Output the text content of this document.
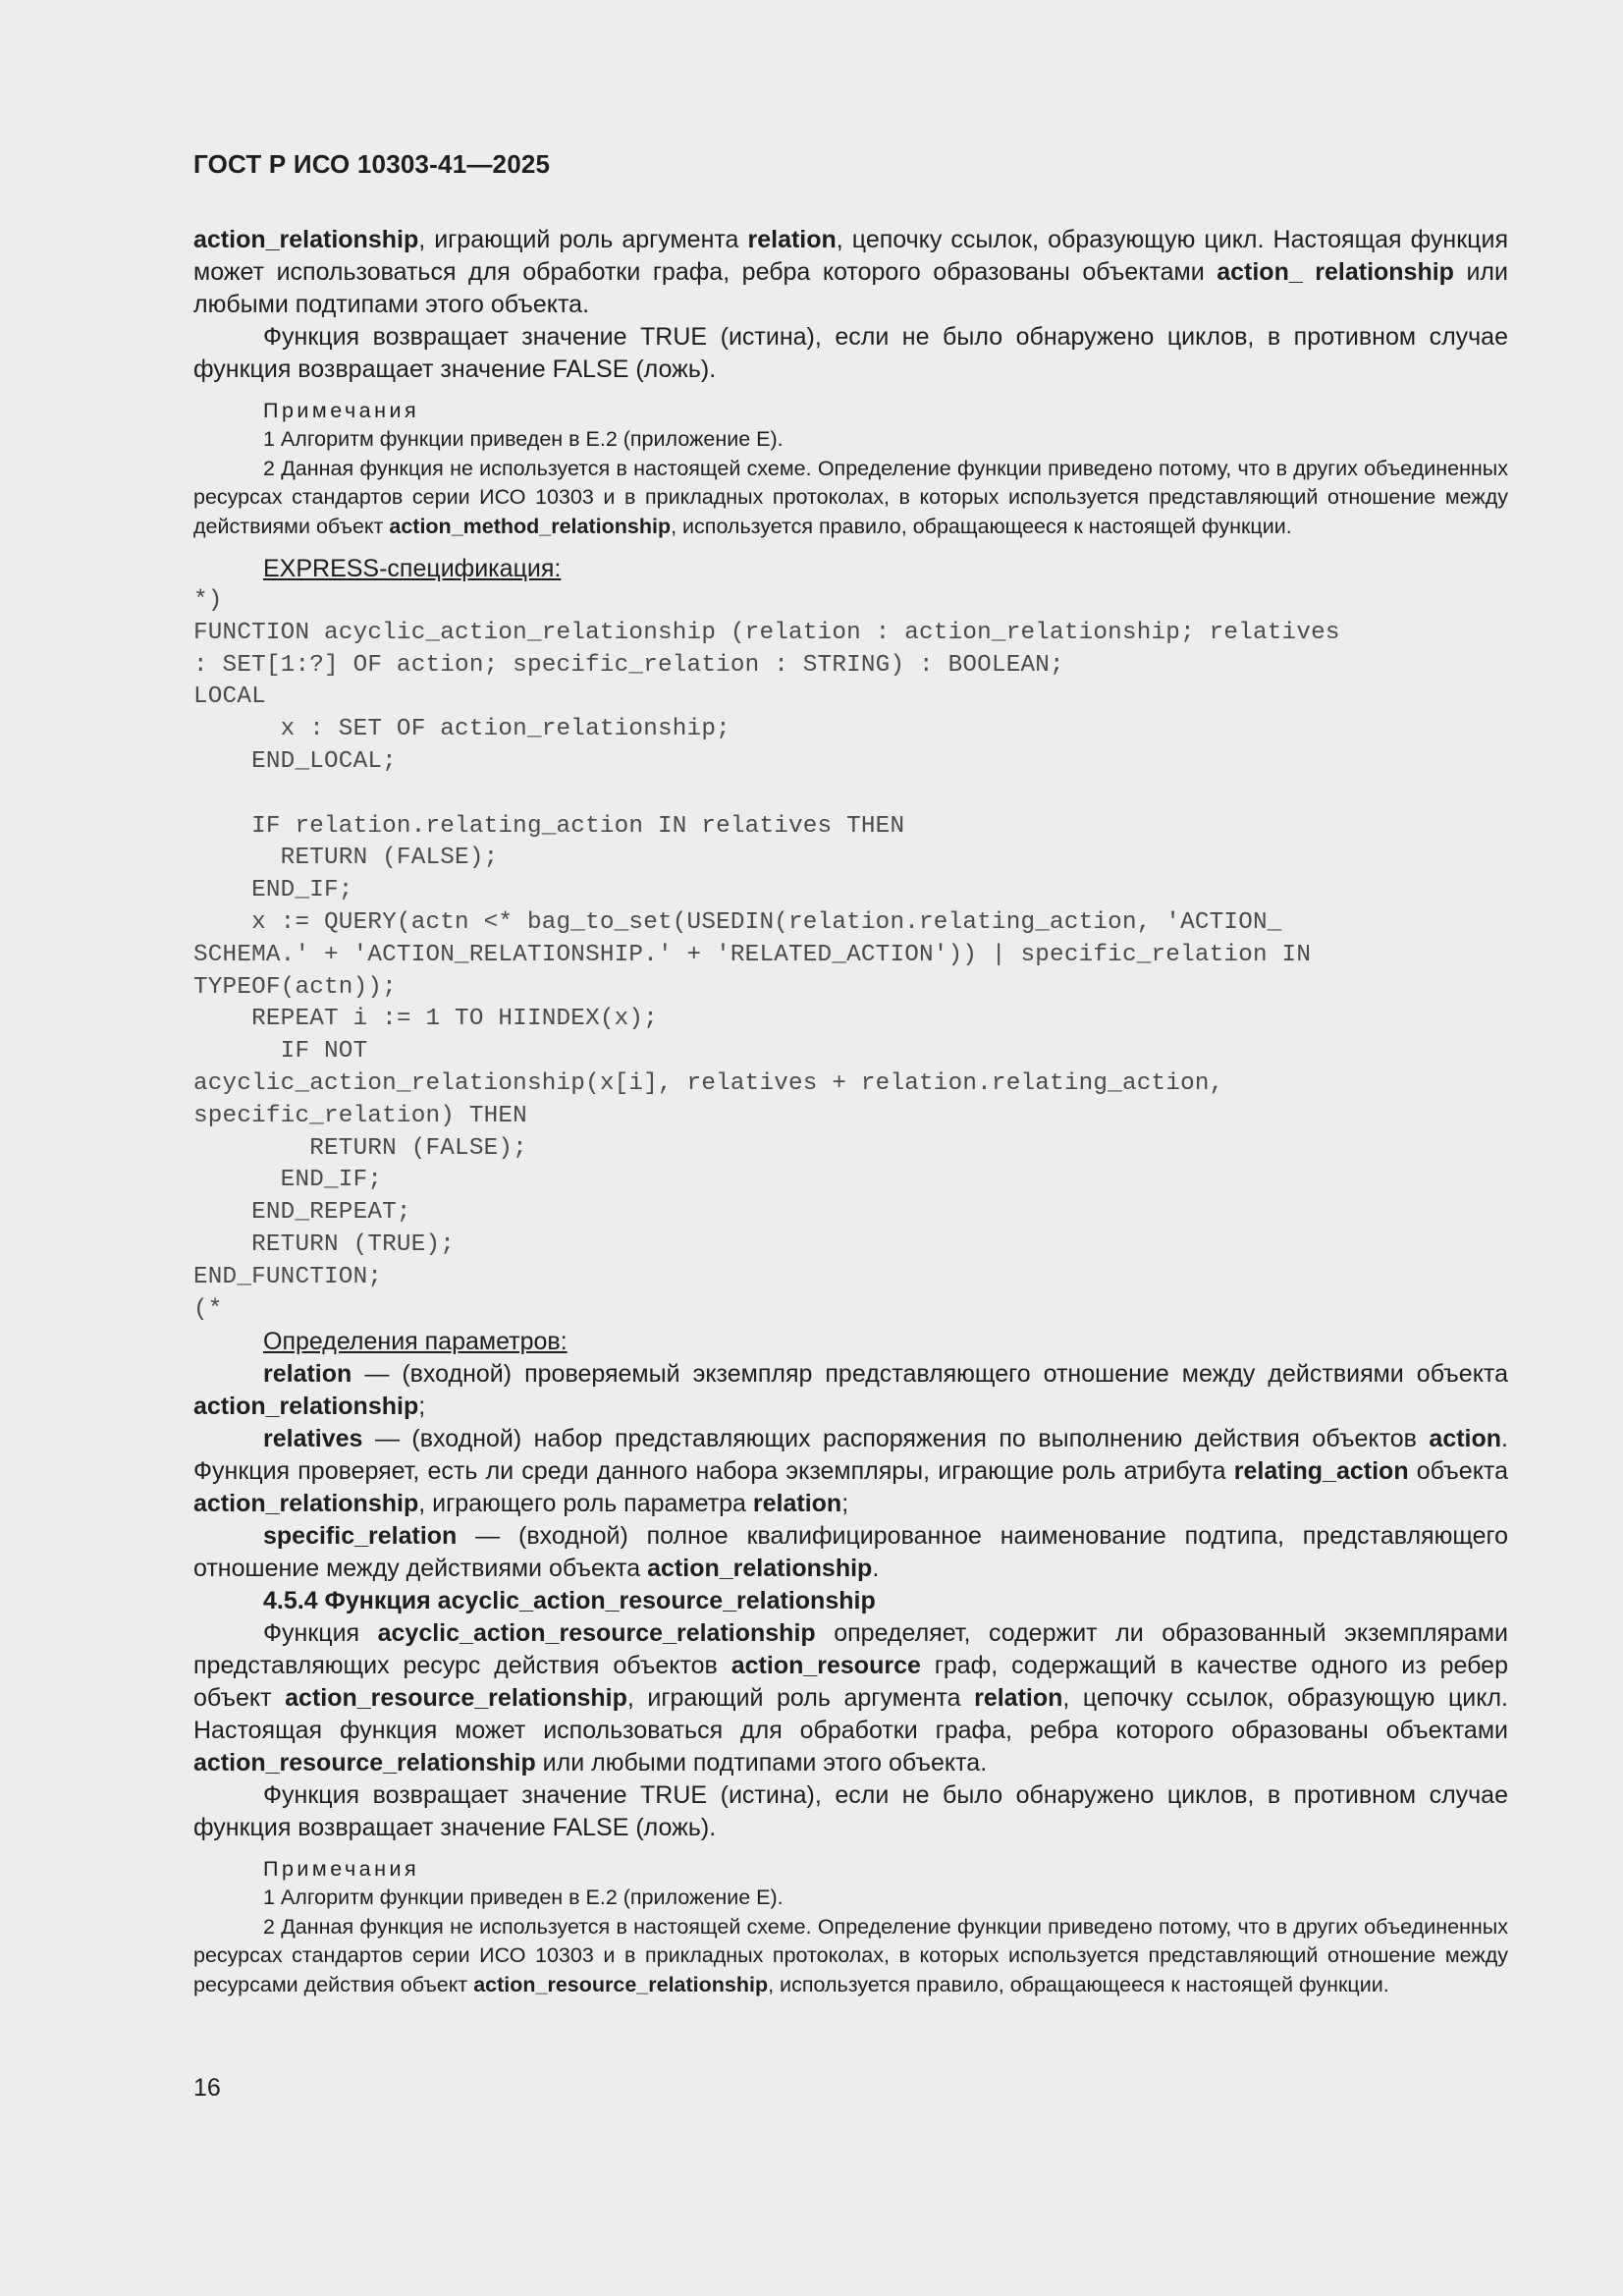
ГОСТ Р ИСО 10303-41—2025

action_relationship, играющий роль аргумента relation, цепочку ссылок, образующую цикл. Настоящая функция может использоваться для обработки графа, ребра которого образованы объектами action_ relationship или любыми подтипами этого объекта.

Функция возвращает значение TRUE (истина), если не было обнаружено циклов, в противном случае функция возвращает значение FALSE (ложь).

Примечания

1 Алгоритм функции приведен в Е.2 (приложение Е).

2 Данная функция не используется в настоящей схеме. Определение функции приведено потому, что в других объединенных ресурсах стандартов серии ИСО 10303 и в прикладных протоколах, в которых используется представляющий отношение между действиями объект action_method_relationship, используется правило, обращающееся к настоящей функции.

EXPRESS-спецификация:
*)
FUNCTION acyclic_action_relationship (relation : action_relationship; relatives
: SET[1:?] OF action; specific_relation : STRING) : BOOLEAN;
LOCAL
x : SET OF action_relationship;
END_LOCAL;

IF relation.relating_action IN relatives THEN
RETURN (FALSE);
END_IF;
x := QUERY(actn <* bag_to_set(USEDIN(relation.relating_action, 'ACTION_
SCHEMA.' + 'ACTION_RELATIONSHIP.' + 'RELATED_ACTION')) | specific_relation IN
TYPEOF(actn));
REPEAT i := 1 TO HIINDEX(x);
IF NOT
acyclic_action_relationship(x[i], relatives + relation.relating_action,
specific_relation) THEN
RETURN (FALSE);
END_IF;
END_REPEAT;
RETURN (TRUE);
END_FUNCTION;
(*
Определения параметров:

relation — (входной) проверяемый экземпляр представляющего отношение между действиями объекта action_relationship;

relatives — (входной) набор представляющих распоряжения по выполнению действия объектов action. Функция проверяет, есть ли среди данного набора экземпляры, играющие роль атрибута relating_action объекта action_relationship, играющего роль параметра relation;

specific_relation — (входной) полное квалифицированное наименование подтипа, представляющего отношение между действиями объекта action_relationship.

4.5.4 Функция acyclic_action_resource_relationship

Функция acyclic_action_resource_relationship определяет, содержит ли образованный экземплярами представляющих ресурс действия объектов action_resource граф, содержащий в качестве одного из ребер объект action_resource_relationship, играющий роль аргумента relation, цепочку ссылок, образующую цикл. Настоящая функция может использоваться для обработки графа, ребра которого образованы объектами action_resource_relationship или любыми подтипами этого объекта.

Функция возвращает значение TRUE (истина), если не было обнаружено циклов, в противном случае функция возвращает значение FALSE (ложь).

Примечания

1 Алгоритм функции приведен в Е.2 (приложение Е).

2 Данная функция не используется в настоящей схеме. Определение функции приведено потому, что в других объединенных ресурсах стандартов серии ИСО 10303 и в прикладных протоколах, в которых используется представляющий отношение между ресурсами действия объект action_resource_relationship, используется правило, обращающееся к настоящей функции.

16
